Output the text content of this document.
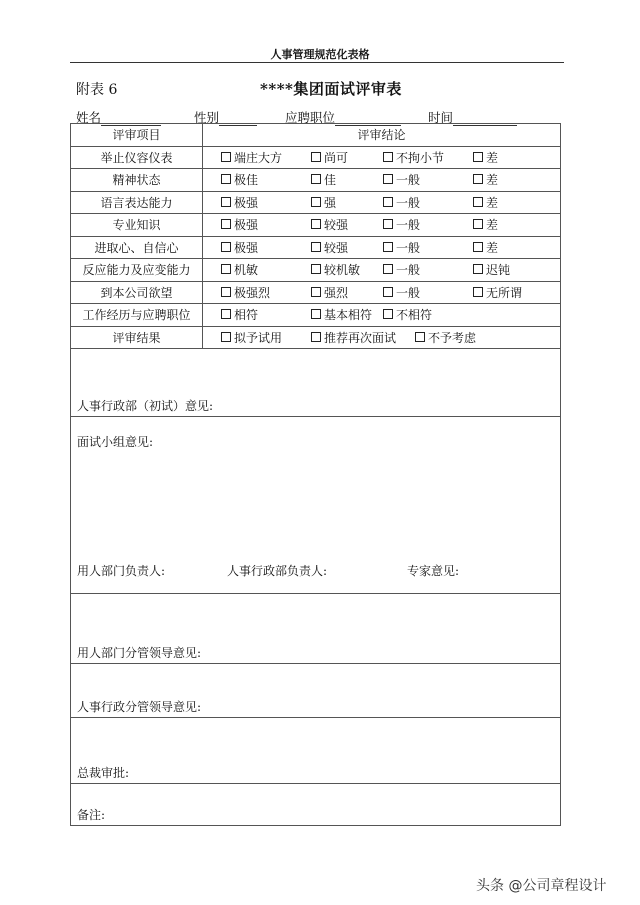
人事管理规范化表格
附表 6	****集团面试评审表
姓名	性别	应聘职位	时间
评审项目	评审结论
举止仪容仪表	端庄大方 尚可 不拘小节 差

精神状态	极佳 佳 一般 差

语言表达能力	极强 强 一般 差

专业知识	极强 较强 一般 差

进取心、自信心	极强 较强 一般 差

反应能力及应变能力	机敏 较机敏 一般 迟钝

到本公司欲望	极强烈 强烈 一般 无所谓

工作经历与应聘职位	相符 基本相符 不相符

评审结果	拟予试用 推荐再次面试 不予考虑

人事行政部（初试）意见:	

面试小组意见:
用人部门负责人: 人事行政部负责人: 专家意见:	

用人部门分管领导意见:	

人事行政分管领导意见:	

总裁审批:	

备注:	
头条 @公司章程设计
